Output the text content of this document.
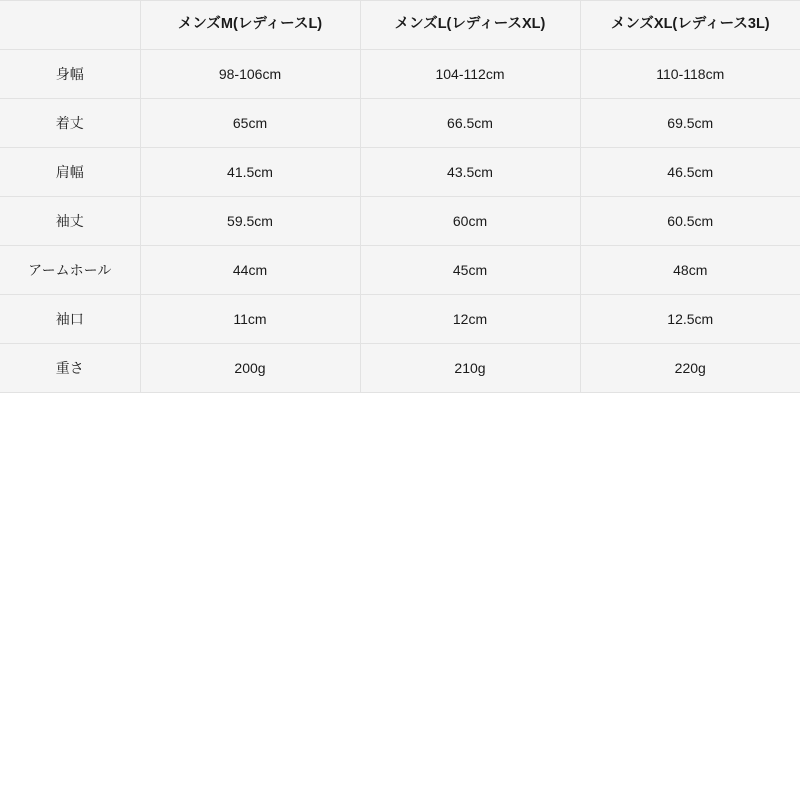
	メンズM(レディースL)	メンズL(レディースXL)	メンズXL(レディース3L)
身幅	98-106cm	104-112cm	110-118cm
着丈	65cm	66.5cm	69.5cm
肩幅	41.5cm	43.5cm	46.5cm
袖丈	59.5cm	60cm	60.5cm
アームホール	44cm	45cm	48cm
袖口	11cm	12cm	12.5cm
重さ	200g	210g	220g
